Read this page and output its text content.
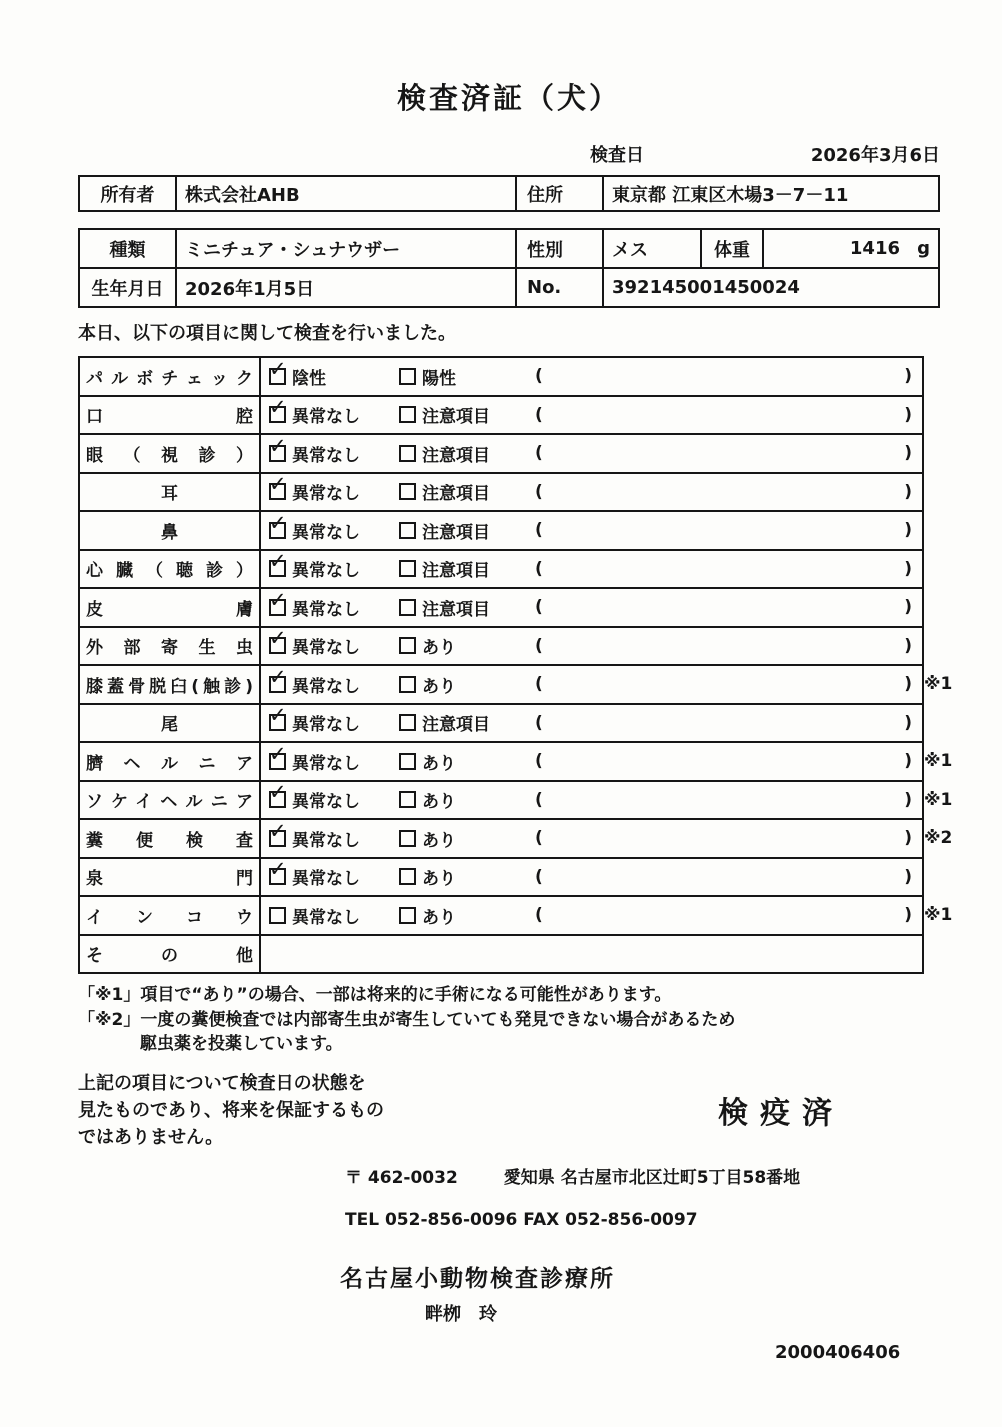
検査済証（犬）
検査日	2026年3月6日
所有者	株式会社AHB	住所	東京都 江東区木場3－7－11
種類	ミニチュア・シュナウザー	性別	メス	体重	1416 g
生年月日	2026年1月5日	No.	392145001450024		
本日、以下の項目に関して検査を行いました。
パルボチェック ✓ 陰性	陽性	(	)
口腔 ✓ 異常なし	注意項目	(	)
眼（視診） ✓ 異常なし	注意項目	(	)
耳 ✓	異常なし	注意項目	(	)
鼻 ✓	異常なし	注意項目	(	)
心臓（聴診） ✓ 異常なし	注意項目	(	)
皮膚 ✓ 異常なし	注意項目	(	)
外部寄生虫 ✓ 異常なし	あり	(	)
膝蓋骨脱臼(触診) ✓ 異常なし	あり	(	) ※1
尾 ✓	異常なし	注意項目	(	)
臍ヘルニア ✓ 異常なし	あり	(	) ※1
ソケイヘルニア ✓ 異常なし	あり	(	) ※1
糞便検査 ✓ 異常なし	あり	(	) ※2
泉門 ✓ 異常なし	あり	(	)
インコウ 異常なし	あり	(	) ※1
その他
「※1」項目で“あり”の場合、一部は将来的に手術になる可能性があります。
「※2」一度の糞便検査では内部寄生虫が寄生していても発見できない場合があるため
駆虫薬を投薬しています。
上記の項目について検査日の状態を
見たものであり、将来を保証するもの
ではありません。
検疫済
〒 462-0032	愛知県 名古屋市北区辻町5丁目58番地
TEL 052-856-0096 FAX 052-856-0097
名古屋小動物検査診療所
畔栁　玲
2000406406
